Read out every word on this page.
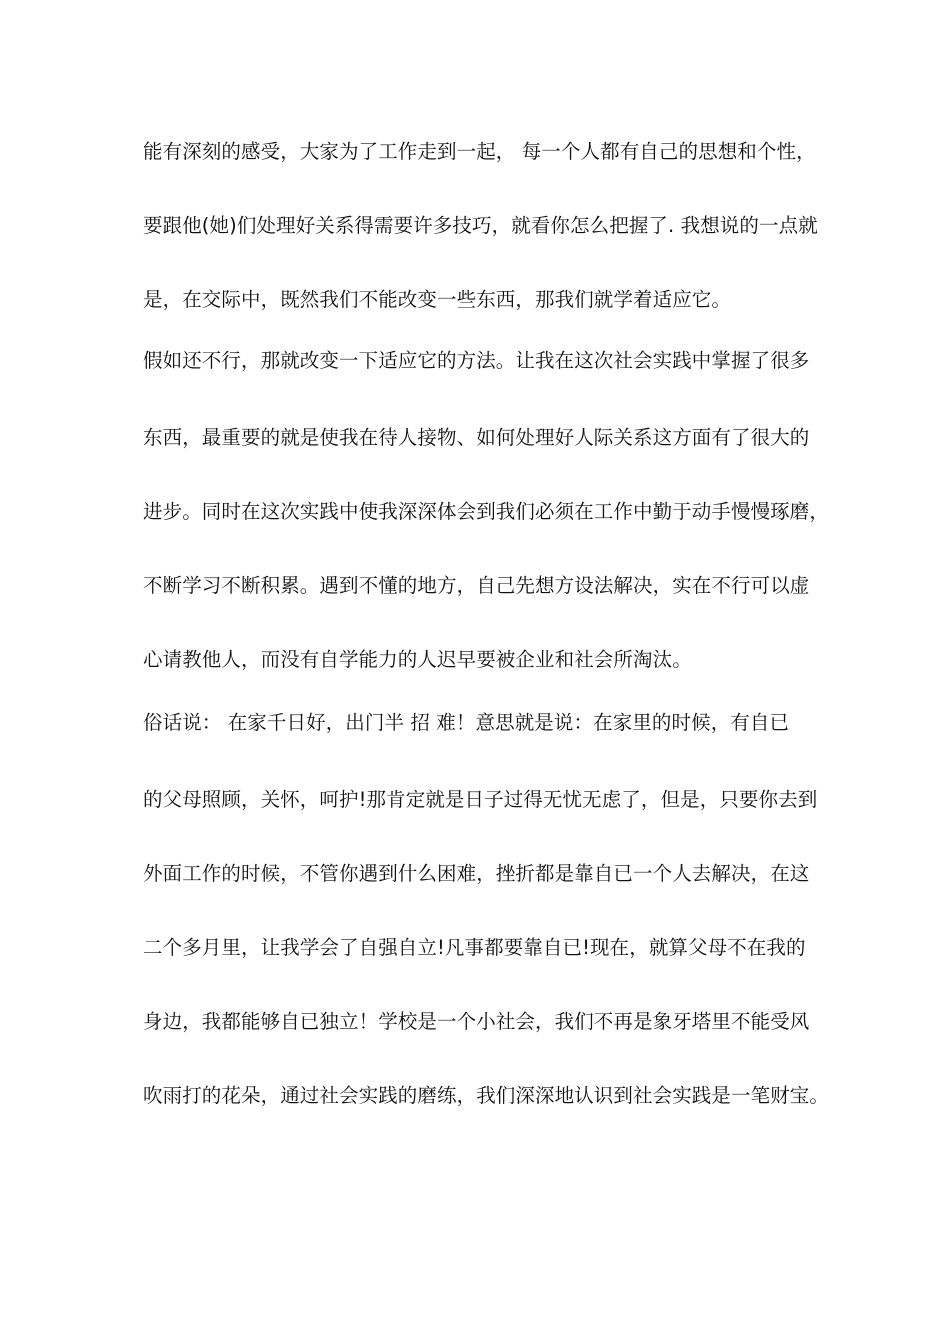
能有深刻的感受，大家为了工作走到一起， 每一个人都有自己的思想和个性，
要跟他(她)们处理好关系得需要许多技巧，就看你怎么把握了. 我想说的一点就
是，在交际中，既然我们不能改变一些东西，那我们就学着适应它。
假如还不行，那就改变一下适应它的方法。让我在这次社会实践中掌握了很多
东西，最重要的就是使我在待人接物、如何处理好人际关系这方面有了很大的
进步。同时在这次实践中使我深深体会到我们必须在工作中勤于动手慢慢琢磨，
不断学习不断积累。遇到不懂的地方，自己先想方设法解决，实在不行可以虚
心请教他人，而没有自学能力的人迟早要被企业和社会所淘汰。
俗话说： 在家千日好，出门半 招 难！意思就是说：在家里的时候，有自已
的父母照顾，关怀，呵护!那肯定就是日子过得无忧无虑了，但是，只要你去到
外面工作的时候，不管你遇到什么困难，挫折都是靠自已一个人去解决，在这
二个多月里，让我学会了自强自立!凡事都要靠自已!现在，就算父母不在我的
身边，我都能够自已独立！学校是一个小社会，我们不再是象牙塔里不能受风
吹雨打的花朵，通过社会实践的磨练，我们深深地认识到社会实践是一笔财宝。
